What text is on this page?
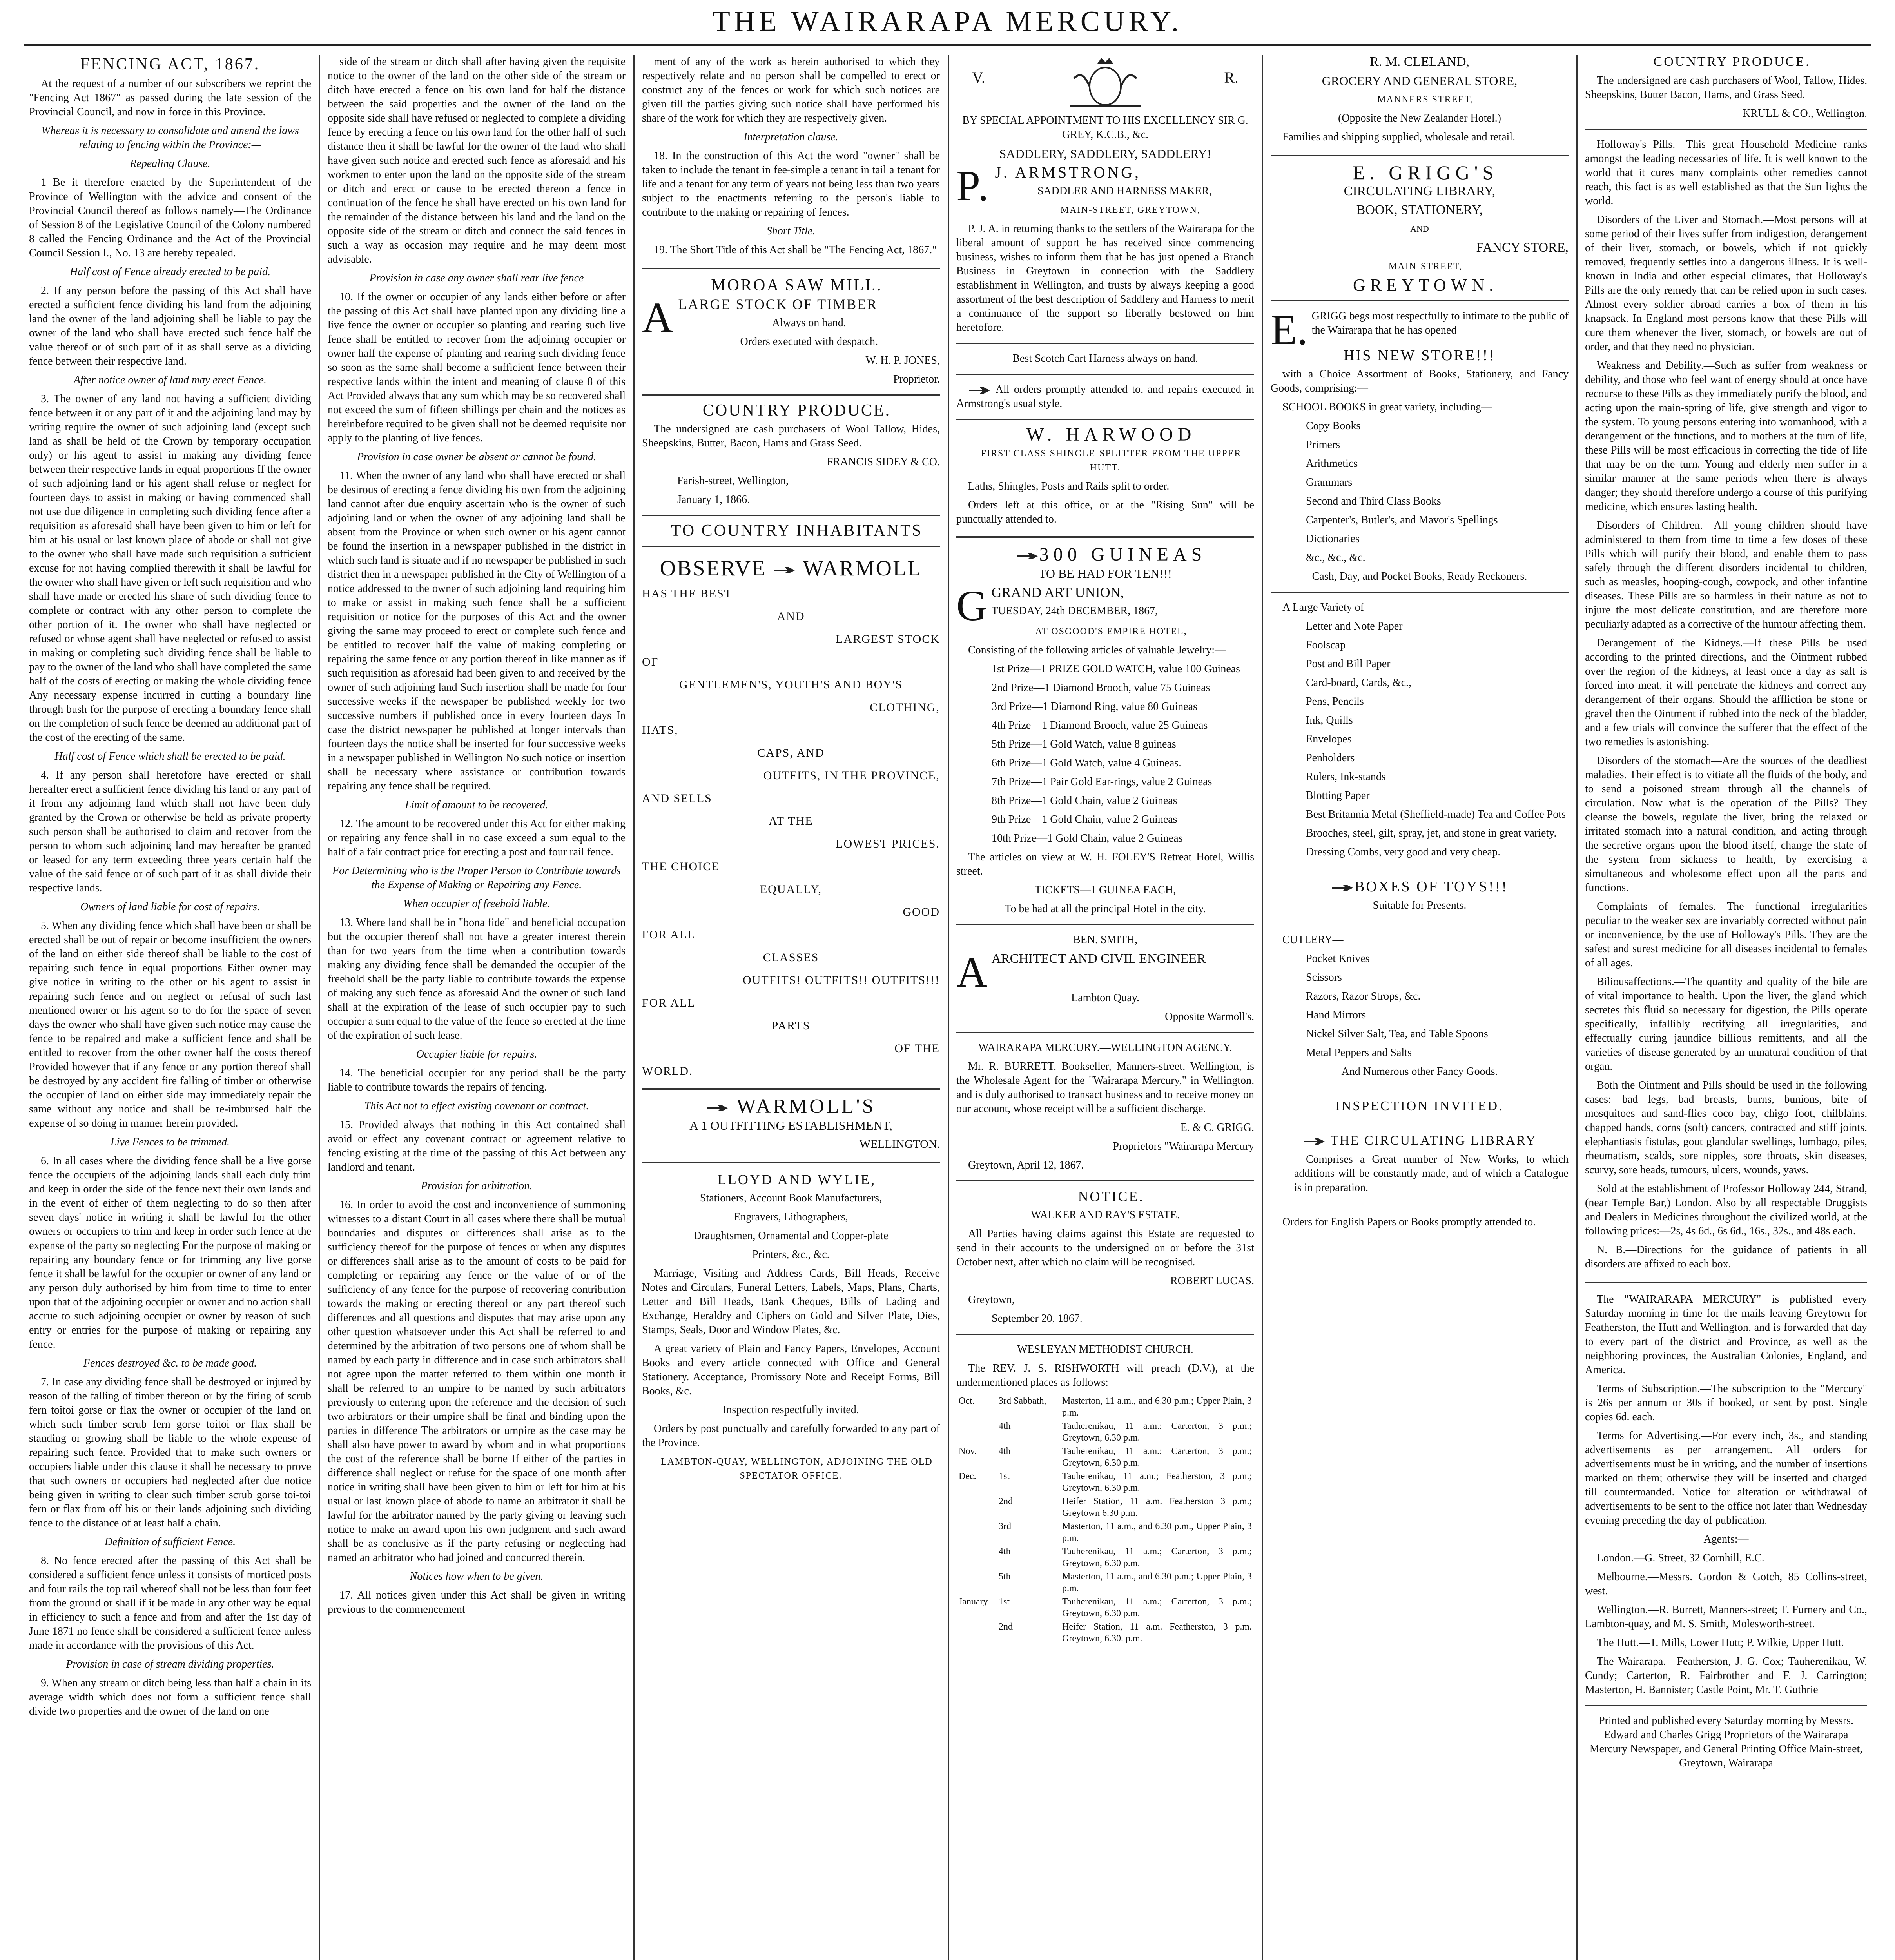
THE WAIRARAPA MERCURY.
FENCING ACT, 1867.

At the request of a number of our subscribers we reprint the "Fencing Act 1867" as passed during the late session of the Provincial Council, and now in force in this Province.

Whereas it is necessary to consolidate and amend the laws relating to fencing within the Province:—

Repealing Clause.

1 Be it therefore enacted by the Superintendent of the Province of Wellington with the advice and consent of the Provincial Council thereof as follows namely—The Ordinance of Session 8 of the Legislative Council of the Colony numbered 8 called the Fencing Ordinance and the Act of the Provincial Council Session I., No. 13 are hereby repealed.

Half cost of Fence already erected to be paid.

2. If any person before the passing of this Act shall have erected a sufficient fence dividing his land from the adjoining land the owner of the land adjoining shall be liable to pay the owner of the land who shall have erected such fence half the value thereof or of such part of it as shall serve as a dividing fence between their respective land.

After notice owner of land may erect Fence.

3. The owner of any land not having a sufficient dividing fence between it or any part of it and the adjoining land may by writing require the owner of such adjoining land (except such land as shall be held of the Crown by temporary occupation only) or his agent to assist in making any dividing fence between their respective lands in equal proportions If the owner of such adjoining land or his agent shall refuse or neglect for fourteen days to assist in making or having commenced shall not use due diligence in completing such dividing fence after a requisition as aforesaid shall have been given to him or left for him at his usual or last known place of abode or shall not give to the owner who shall have made such requisition a sufficient excuse for not having complied therewith it shall be lawful for the owner who shall have given or left such requisition and who shall have made or erected his share of such dividing fence to complete or contract with any other person to complete the other portion of it. The owner who shall have neglected or refused or whose agent shall have neglected or refused to assist in making or completing such dividing fence shall be liable to pay to the owner of the land who shall have completed the same half of the costs of erecting or making the whole dividing fence Any necessary expense incurred in cutting a boundary line through bush for the purpose of erecting a boundary fence shall on the completion of such fence be deemed an additional part of the cost of the erecting of the same.

Half cost of Fence which shall be erected to be paid.

4. If any person shall heretofore have erected or shall hereafter erect a sufficient fence dividing his land or any part of it from any adjoining land which shall not have been duly granted by the Crown or otherwise be held as private property such person shall be authorised to claim and recover from the person to whom such adjoining land may hereafter be granted or leased for any term exceeding three years certain half the value of the said fence or of such part of it as shall divide their respective lands.

Owners of land liable for cost of repairs.

5. When any dividing fence which shall have been or shall be erected shall be out of repair or become insufficient the owners of the land on either side thereof shall be liable to the cost of repairing such fence in equal proportions Either owner may give notice in writing to the other or his agent to assist in repairing such fence and on neglect or refusal of such last mentioned owner or his agent so to do for the space of seven days the owner who shall have given such notice may cause the fence to be repaired and make a sufficient fence and shall be entitled to recover from the other owner half the costs thereof Provided however that if any fence or any portion thereof shall be destroyed by any accident fire falling of timber or otherwise the occupier of land on either side may immediately repair the same without any notice and shall be re-imbursed half the expense of so doing in manner herein provided.

Live Fences to be trimmed.

6. In all cases where the dividing fence shall be a live gorse fence the occupiers of the adjoining lands shall each duly trim and keep in order the side of the fence next their own lands and in the event of either of them neglecting to do so then after seven days' notice in writing it shall be lawful for the other owners or occupiers to trim and keep in order such fence at the expense of the party so neglecting For the purpose of making or repairing any boundary fence or for trimming any live gorse fence it shall be lawful for the occupier or owner of any land or any person duly authorised by him from time to time to enter upon that of the adjoining occupier or owner and no action shall accrue to such adjoining occupier or owner by reason of such entry or entries for the purpose of making or repairing any fence.

Fences destroyed &c. to be made good.

7. In case any dividing fence shall be destroyed or injured by reason of the falling of timber thereon or by the firing of scrub fern toitoi gorse or flax the owner or occupier of the land on which such timber scrub fern gorse toitoi or flax shall be standing or growing shall be liable to the whole expense of repairing such fence. Provided that to make such owners or occupiers liable under this clause it shall be necessary to prove that such owners or occupiers had neglected after due notice being given in writing to clear such timber scrub gorse toi-toi fern or flax from off his or their lands adjoining such dividing fence to the distance of at least half a chain.

Definition of sufficient Fence.

8. No fence erected after the passing of this Act shall be considered a sufficient fence unless it consists of morticed posts and four rails the top rail whereof shall not be less than four feet from the ground or shall if it be made in any other way be equal in efficiency to such a fence and from and after the 1st day of June 1871 no fence shall be considered a sufficient fence unless made in accordance with the provisions of this Act.

Provision in case of stream dividing properties.

9. When any stream or ditch being less than half a chain in its average width which does not form a sufficient fence shall divide two properties and the owner of the land on one

side of the stream or ditch shall after having given the requisite notice to the owner of the land on the other side of the stream or ditch have erected a fence on his own land for half the distance between the said properties and the owner of the land on the opposite side shall have refused or neglected to complete a dividing fence by erecting a fence on his own land for the other half of such distance then it shall be lawful for the owner of the land who shall have given such notice and erected such fence as aforesaid and his workmen to enter upon the land on the opposite side of the stream or ditch and erect or cause to be erected thereon a fence in continuation of the fence he shall have erected on his own land for the remainder of the distance between his land and the land on the opposite side of the stream or ditch and connect the said fences in such a way as occasion may require and he may deem most advisable.

Provision in case any owner shall rear live fence

10. If the owner or occupier of any lands either before or after the passing of this Act shall have planted upon any dividing line a live fence the owner or occupier so planting and rearing such live fence shall be entitled to recover from the adjoining occupier or owner half the expense of planting and rearing such dividing fence so soon as the same shall become a sufficient fence between their respective lands within the intent and meaning of clause 8 of this Act Provided always that any sum which may be so recovered shall not exceed the sum of fifteen shillings per chain and the notices as hereinbefore required to be given shall not be deemed requisite nor apply to the planting of live fences.

Provision in case owner be absent or cannot be found.

11. When the owner of any land who shall have erected or shall be desirous of erecting a fence dividing his own from the adjoining land cannot after due enquiry ascertain who is the owner of such adjoining land or when the owner of any adjoining land shall be absent from the Province or when such owner or his agent cannot be found the insertion in a newspaper published in the district in which such land is situate and if no newspaper be published in such district then in a newspaper published in the City of Wellington of a notice addressed to the owner of such adjoining land requiring him to make or assist in making such fence shall be a sufficient requisition or notice for the purposes of this Act and the owner giving the same may proceed to erect or complete such fence and be entitled to recover half the value of making completing or repairing the same fence or any portion thereof in like manner as if such requisition as aforesaid had been given to and received by the owner of such adjoining land Such insertion shall be made for four successive weeks if the newspaper be published weekly for two successive numbers if published once in every fourteen days In case the district newspaper be published at longer intervals than fourteen days the notice shall be inserted for four successive weeks in a newspaper published in Wellington No such notice or insertion shall be necessary where assistance or contribution towards repairing any fence shall be required.

Limit of amount to be recovered.

12. The amount to be recovered under this Act for either making or repairing any fence shall in no case exceed a sum equal to the half of a fair contract price for erecting a post and four rail fence.

For Determining who is the Proper Person to Contribute towards the Expense of Making or Repairing any Fence.

When occupier of freehold liable.

13. Where land shall be in "bona fide" and beneficial occupation but the occupier thereof shall not have a greater interest therein than for two years from the time when a contribution towards making any dividing fence shall be demanded the occupier of the freehold shall be the party liable to contribute towards the expense of making any such fence as aforesaid And the owner of such land shall at the expiration of the lease of such occupier pay to such occupier a sum equal to the value of the fence so erected at the time of the expiration of such lease.

Occupier liable for repairs.

14. The beneficial occupier for any period shall be the party liable to contribute towards the repairs of fencing.

This Act not to effect existing covenant or contract.

15. Provided always that nothing in this Act contained shall avoid or effect any covenant contract or agreement relative to fencing existing at the time of the passing of this Act between any landlord and tenant.

Provision for arbitration.

16. In order to avoid the cost and inconvenience of summoning witnesses to a distant Court in all cases where there shall be mutual boundaries and disputes or differences shall arise as to the sufficiency thereof for the purpose of fences or when any disputes or differences shall arise as to the amount of costs to be paid for completing or repairing any fence or the value of or of the sufficiency of any fence for the purpose of recovering contribution towards the making or erecting thereof or any part thereof such differences and all questions and disputes that may arise upon any other question whatsoever under this Act shall be referred to and determined by the arbitration of two persons one of whom shall be named by each party in difference and in case such arbitrators shall not agree upon the matter referred to them within one month it shall be referred to an umpire to be named by such arbitrators previously to entering upon the reference and the decision of such two arbitrators or their umpire shall be final and binding upon the parties in difference The arbitrators or umpire as the case may be shall also have power to award by whom and in what proportions the cost of the reference shall be borne If either of the parties in difference shall neglect or refuse for the space of one month after notice in writing shall have been given to him or left for him at his usual or last known place of abode to name an arbitrator it shall be lawful for the arbitrator named by the party giving or leaving such notice to make an award upon his own judgment and such award shall be as conclusive as if the party refusing or neglecting had named an arbitrator who had joined and concurred therein.

Notices how when to be given.

17. All notices given under this Act shall be given in writing previous to the commencement

ment of any of the work as herein authorised to which they respectively relate and no person shall be compelled to erect or construct any of the fences or work for which such notices are given till the parties giving such notice shall have performed his share of the work for which they are respectively given.

Interpretation clause.

18. In the construction of this Act the word "owner" shall be taken to include the tenant in fee-simple a tenant in tail a tenant for life and a tenant for any term of years not being less than two years subject to the enactments referring to the person's liable to contribute to the making or repairing of fences.

Short Title.

19. The Short Title of this Act shall be "The Fencing Act, 1867."

MOROA SAW MILL.

ALARGE STOCK OF TIMBER

Always on hand.

Orders executed with despatch.

W. H. P. JONES,

Proprietor.

COUNTRY PRODUCE.

The undersigned are cash purchasers of Wool Tallow, Hides, Sheepskins, Butter, Bacon, Hams and Grass Seed.

FRANCIS SIDEY & CO.

Farish-street, Wellington,

January 1, 1866.

TO COUNTRY INHABITANTS

OBSERVE WARMOLL

HAS THE BEST

AND

LARGEST STOCK

OF

GENTLEMEN'S, YOUTH'S AND BOY'S

CLOTHING,

HATS,

CAPS, AND

OUTFITS, IN THE PROVINCE,

AND SELLS

AT THE

LOWEST PRICES.

THE CHOICE

EQUALLY,

GOOD

FOR ALL

CLASSES

OUTFITS! OUTFITS!! OUTFITS!!!

FOR ALL

PARTS

OF THE

WORLD.

WARMOLL'S

A 1 OUTFITTING ESTABLISHMENT,

WELLINGTON.

LLOYD AND WYLIE,

Stationers, Account Book Manufacturers,

Engravers, Lithographers,

Draughtsmen, Ornamental and Copper-plate

Printers, &c., &c.

Marriage, Visiting and Address Cards, Bill Heads, Receive Notes and Circulars, Funeral Letters, Labels, Maps, Plans, Charts, Letter and Bill Heads, Bank Cheques, Bills of Lading and Exchange, Heraldry and Ciphers on Gold and Silver Plate, Dies, Stamps, Seals, Door and Window Plates, &c.

A great variety of Plain and Fancy Papers, Envelopes, Account Books and every article connected with Office and General Stationery. Acceptance, Promissory Note and Receipt Forms, Bill Books, &c.

Inspection respectfully invited.

Orders by post punctually and carefully forwarded to any part of the Province.

LAMBTON-QUAY, WELLINGTON, ADJOINING THE OLD SPECTATOR OFFICE.

V.	R.

BY SPECIAL APPOINTMENT TO HIS EXCELLENCY SIR G. GREY, K.C.B., &c.

SADDLERY, SADDLERY, SADDLERY!

P. J. ARMSTRONG,

SADDLER AND HARNESS MAKER,

MAIN-STREET, GREYTOWN,

P. J. A. in returning thanks to the settlers of the Wairarapa for the liberal amount of support he has received since commencing business, wishes to inform them that he has just opened a Branch Business in Greytown in connection with the Saddlery establishment in Wellington, and trusts by always keeping a good assortment of the best description of Saddlery and Harness to merit a continuance of the support so liberally bestowed on him heretofore.

Best Scotch Cart Harness always on hand.

All orders promptly attended to, and repairs executed in Armstrong's usual style.

W. HARWOOD

FIRST-CLASS SHINGLE-SPLITTER FROM THE UPPER HUTT.

Laths, Shingles, Posts and Rails split to order.

Orders left at this office, or at the "Rising Sun" will be punctually attended to.

300 GUINEAS

TO BE HAD FOR TEN!!!

GGRAND ART UNION,

TUESDAY, 24th DECEMBER, 1867,

AT OSGOOD'S EMPIRE HOTEL,

Consisting of the following articles of valuable Jewelry:—

1st Prize—1 PRIZE GOLD WATCH, value 100 Guineas

2nd Prize—1 Diamond Brooch, value 75 Guineas

3rd Prize—1 Diamond Ring, value 80 Guineas

4th Prize—1 Diamond Brooch, value 25 Guineas

5th Prize—1 Gold Watch, value 8 guineas

6th Prize—1 Gold Watch, value 4 Guineas.

7th Prize—1 Pair Gold Ear-rings, value 2 Guineas

8th Prize—1 Gold Chain, value 2 Guineas

9th Prize—1 Gold Chain, value 2 Guineas

10th Prize—1 Gold Chain, value 2 Guineas

The articles on view at W. H. FOLEY'S Retreat Hotel, Willis street.

TICKETS—1 GUINEA EACH,

To be had at all the principal Hotel in the city.

BEN. SMITH,

AARCHITECT AND CIVIL ENGINEER

Lambton Quay.

Opposite Warmoll's.

WAIRARAPA MERCURY.—WELLINGTON AGENCY.

Mr. R. BURRETT, Bookseller, Manners-street, Wellington, is the Wholesale Agent for the "Wairarapa Mercury," in Wellington, and is duly authorised to transact business and to receive money on our account, whose receipt will be a sufficient discharge.

E. & C. GRIGG.

Proprietors "Wairarapa Mercury

Greytown, April 12, 1867.

NOTICE.

WALKER AND RAY'S ESTATE.

All Parties having claims against this Estate are requested to send in their accounts to the undersigned on or before the 31st October next, after which no claim will be recognised.

ROBERT LUCAS.

Greytown,

September 20, 1867.

WESLEYAN METHODIST CHURCH.

The REV. J. S. RISHWORTH will preach (D.V.), at the undermentioned places as follows:—

Oct.	3rd Sabbath,	Masterton, 11 a.m., and 6.30 p.m.; Upper Plain, 3 p.m.
	4th	Tauherenikau, 11 a.m.; Carterton, 3 p.m.; Greytown, 6.30 p.m.
Nov.	4th	Tauherenikau, 11 a.m.; Carterton, 3 p.m.; Greytown, 6.30 p.m.
Dec.	1st	Tauherenikau, 11 a.m.; Featherston, 3 p.m.; Greytown, 6.30 p.m.
	2nd	Heifer Station, 11 a.m. Featherston 3 p.m.; Greytown 6.30 p.m.
	3rd	Masterton, 11 a.m., and 6.30 p.m., Upper Plain, 3 p.m.
	4th	Tauherenikau, 11 a.m.; Carterton, 3 p.m.; Greytown, 6.30 p.m.
	5th	Masterton, 11 a.m., and 6.30 p.m.; Upper Plain, 3 p.m.
January	1st	Tauherenikau, 11 a.m.; Carterton, 3 p.m.; Greytown, 6.30 p.m.
	2nd	Heifer Station, 11 a.m. Featherston, 3 p.m. Greytown, 6.30. p.m.

R. M. CLELAND,

GROCERY AND GENERAL STORE,

MANNERS STREET,

(Opposite the New Zealander Hotel.)

Families and shipping supplied, wholesale and retail.

E. GRIGG'S

CIRCULATING LIBRARY,

BOOK, STATIONERY,

AND

FANCY STORE,

MAIN-STREET,

GREYTOWN.

E. GRIGG begs most respectfully to intimate to the public of the Wairarapa that he has opened

HIS NEW STORE!!!

with a Choice Assortment of Books, Stationery, and Fancy Goods, comprising:—

SCHOOL BOOKS in great variety, including—

Copy Books

Primers

Arithmetics

Grammars

Second and Third Class Books

Carpenter's, Butler's, and Mavor's Spellings

Dictionaries

&c., &c., &c.

Cash, Day, and Pocket Books, Ready Reckoners.

A Large Variety of—

Letter and Note Paper

Foolscap

Post and Bill Paper

Card-board, Cards, &c.,

Pens, Pencils

Ink, Quills

Envelopes

Penholders

Rulers, Ink-stands

Blotting Paper

Best Britannia Metal (Sheffield-made) Tea and Coffee Pots

Brooches, steel, gilt, spray, jet, and stone in great variety.

Dressing Combs, very good and very cheap.

BOXES OF TOYS!!!

Suitable for Presents.

CUTLERY—

Pocket Knives

Scissors

Razors, Razor Strops, &c.

Hand Mirrors

Nickel Silver Salt, Tea, and Table Spoons

Metal Peppers and Salts

And Numerous other Fancy Goods.

INSPECTION INVITED.

THE CIRCULATING LIBRARY

Comprises a Great number of New Works, to which additions will be constantly made, and of which a Catalogue is in preparation.

Orders for English Papers or Books promptly attended to.

COUNTRY PRODUCE.

The undersigned are cash purchasers of Wool, Tallow, Hides, Sheepskins, Butter Bacon, Hams, and Grass Seed.

KRULL & CO., Wellington.

Holloway's Pills.—This great Household Medicine ranks amongst the leading necessaries of life. It is well known to the world that it cures many complaints other remedies cannot reach, this fact is as well established as that the Sun lights the world.

Disorders of the Liver and Stomach.—Most persons will at some period of their lives suffer from indigestion, derangement of their liver, stomach, or bowels, which if not quickly removed, frequently settles into a dangerous illness. It is well-known in India and other especial climates, that Holloway's Pills are the only remedy that can be relied upon in such cases. Almost every soldier abroad carries a box of them in his knapsack. In England most persons know that these Pills will cure them whenever the liver, stomach, or bowels are out of order, and that they need no physician.

Weakness and Debility.—Such as suffer from weakness or debility, and those who feel want of energy should at once have recourse to these Pills as they immediately purify the blood, and acting upon the main-spring of life, give strength and vigor to the system. To young persons entering into womanhood, with a derangement of the functions, and to mothers at the turn of life, these Pills will be most efficacious in correcting the tide of life that may be on the turn. Young and elderly men suffer in a similar manner at the same periods when there is always danger; they should therefore undergo a course of this purifying medicine, which ensures lasting health.

Disorders of Children.—All young children should have administered to them from time to time a few doses of these Pills which will purify their blood, and enable them to pass safely through the different disorders incidental to children, such as measles, hooping-cough, cowpock, and other infantine diseases. These Pills are so harmless in their nature as not to injure the most delicate constitution, and are therefore more peculiarly adapted as a corrective of the humour affecting them.

Derangement of the Kidneys.—If these Pills be used according to the printed directions, and the Ointment rubbed over the region of the kidneys, at least once a day as salt is forced into meat, it will penetrate the kidneys and correct any derangement of their organs. Should the affliction be stone or gravel then the Ointment if rubbed into the neck of the bladder, and a few trials will convince the sufferer that the effect of the two remedies is astonishing.

Disorders of the stomach—Are the sources of the deadliest maladies. Their effect is to vitiate all the fluids of the body, and to send a poisoned stream through all the channels of circulation. Now what is the operation of the Pills? They cleanse the bowels, regulate the liver, bring the relaxed or irritated stomach into a natural condition, and acting through the secretive organs upon the blood itself, change the state of the system from sickness to health, by exercising a simultaneous and wholesome effect upon all the parts and functions.

Complaints of females.—The functional irregularities peculiar to the weaker sex are invariably corrected without pain or inconvenience, by the use of Holloway's Pills. They are the safest and surest medicine for all diseases incidental to females of all ages.

Biliousaffections.—The quantity and quality of the bile are of vital importance to health. Upon the liver, the gland which secretes this fluid so necessary for digestion, the Pills operate specifically, infallibly rectifying all irregularities, and effectually curing jaundice billious remittents, and all the varieties of disease generated by an unnatural condition of that organ.

Both the Ointment and Pills should be used in the following cases:—bad legs, bad breasts, burns, bunions, bite of mosquitoes and sand-flies coco bay, chigo foot, chilblains, chapped hands, corns (soft) cancers, contracted and stiff joints, elephantiasis fistulas, gout glandular swellings, lumbago, piles, rheumatism, scalds, sore nipples, sore throats, skin diseases, scurvy, sore heads, tumours, ulcers, wounds, yaws.

Sold at the establishment of Professor Holloway 244, Strand, (near Temple Bar,) London. Also by all respectable Druggists and Dealers in Medicines throughout the civilized world, at the following prices:—2s, 4s 6d., 6s 6d., 16s., 32s., and 48s each.

N. B.—Directions for the guidance of patients in all disorders are affixed to each box.

The "WAIRARAPA MERCURY" is published every Saturday morning in time for the mails leaving Greytown for Featherston, the Hutt and Wellington, and is forwarded that day to every part of the district and Province, as well as the neighboring provinces, the Australian Colonies, England, and America.

Terms of Subscription.—The subscription to the "Mercury" is 26s per annum or 30s if booked, or sent by post. Single copies 6d. each.

Terms for Advertising.—For every inch, 3s., and standing advertisements as per arrangement. All orders for advertisements must be in writing, and the number of insertions marked on them; otherwise they will be inserted and charged till countermanded. Notice for alteration or withdrawal of advertisements to be sent to the office not later than Wednesday evening preceding the day of publication.

Agents:—

London.—G. Street, 32 Cornhill, E.C.

Melbourne.—Messrs. Gordon & Gotch, 85 Collins-street, west.

Wellington.—R. Burrett, Manners-street; T. Furnery and Co., Lambton-quay, and M. S. Smith, Molesworth-street.

The Hutt.—T. Mills, Lower Hutt; P. Wilkie, Upper Hutt.

The Wairarapa.—Featherston, J. G. Cox; Tauherenikau, W. Cundy; Carterton, R. Fairbrother and F. J. Carrington; Masterton, H. Bannister; Castle Point, Mr. T. Guthrie

Printed and published every Saturday morning by Messrs. Edward and Charles Grigg Proprietors of the Wairarapa Mercury Newspaper, and General Printing Office Main-street, Greytown, Wairarapa
